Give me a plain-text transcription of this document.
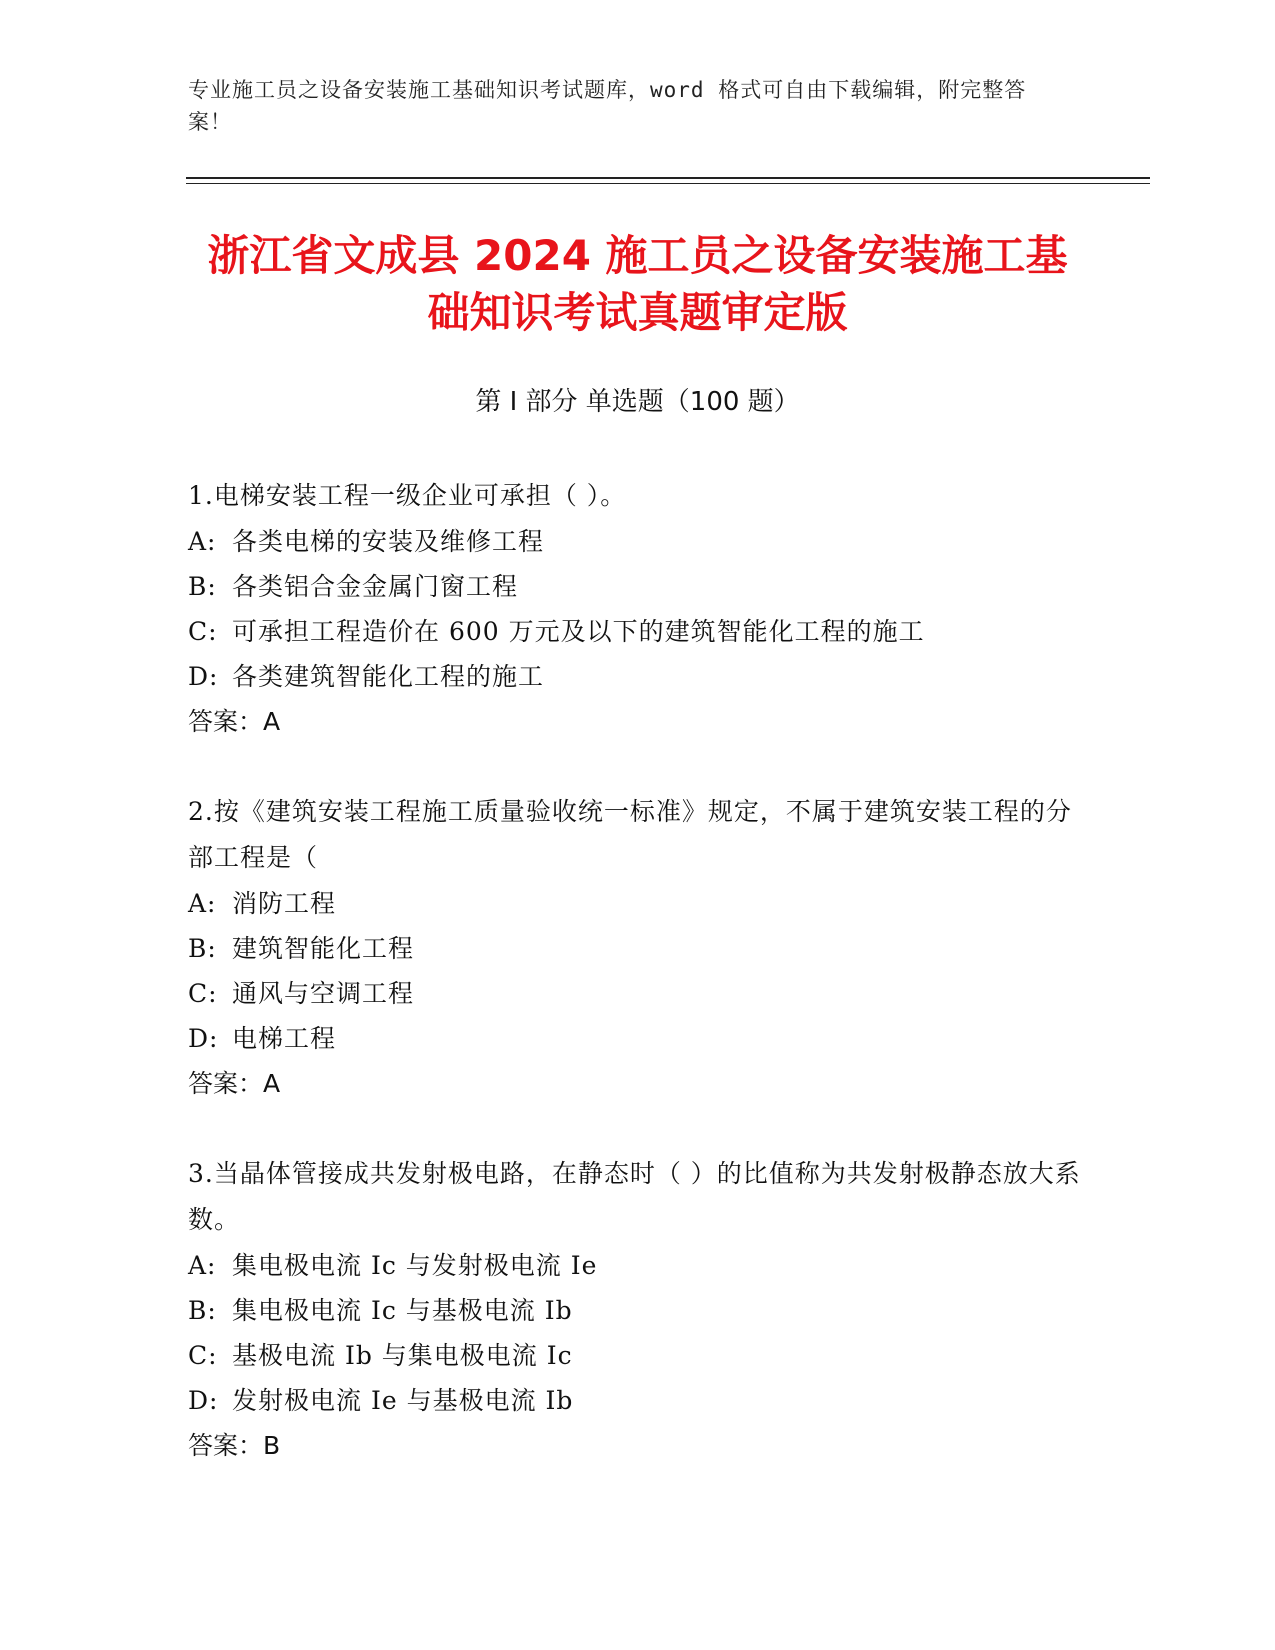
专业施工员之设备安装施工基础知识考试题库，word 格式可自由下载编辑，附完整答案！
浙江省文成县 2024 施工员之设备安装施工基
础知识考试真题审定版
第 I 部分 单选题（100 题）
1.电梯安装工程一级企业可承担（ ）。
A: 各类电梯的安装及维修工程
B: 各类铝合金金属门窗工程
C: 可承担工程造价在 600 万元及以下的建筑智能化工程的施工
D: 各类建筑智能化工程的施工
答案：A
2.按《建筑安装工程施工质量验收统一标准》规定，不属于建筑安装工程的分部工程是（
A: 消防工程
B: 建筑智能化工程
C: 通风与空调工程
D: 电梯工程
答案：A
3.当晶体管接成共发射极电路，在静态时（ ）的比值称为共发射极静态放大系数。
A: 集电极电流 Ic 与发射极电流 Ie
B: 集电极电流 Ic 与基极电流 Ib
C: 基极电流 Ib 与集电极电流 Ic
D: 发射极电流 Ie 与基极电流 Ib
答案：B
